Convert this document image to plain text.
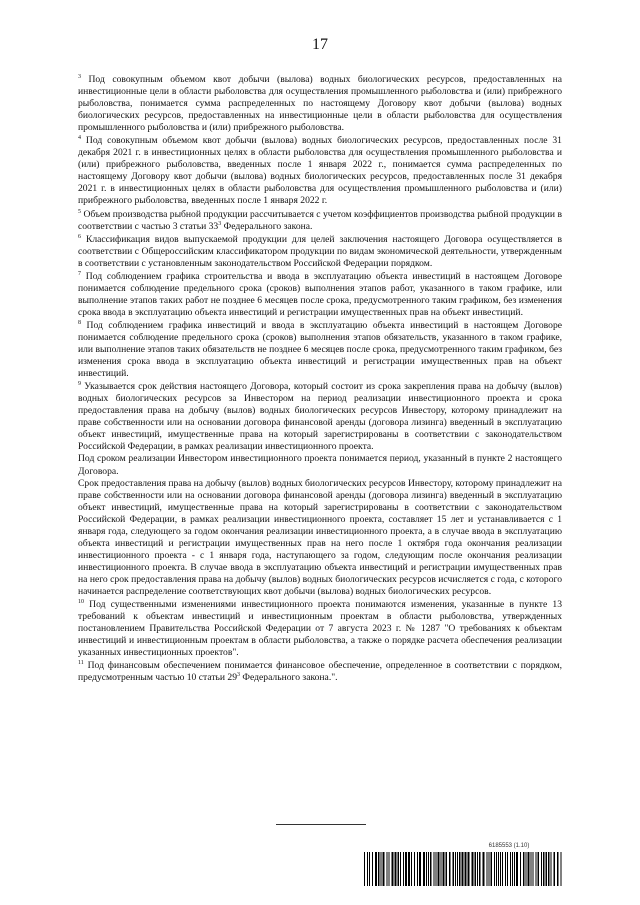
17

$^3$ Под совокупным объемом квот добычи (вылова) водных биологических ресурсов, предоставленных на инвестиционные цели в области рыболовства для осуществления промышленного рыболовства и (или) прибрежного рыболовства, понимается сумма распределенных по настоящему Договору квот добычи (вылова) водных биологических ресурсов, предоставленных на инвестиционные цели в области рыболовства для осуществления промышленного рыболовства и (или) прибрежного рыболовства.

$^4$ Под совокупным объемом квот добычи (вылова) водных биологических ресурсов, предоставленных после 31 декабря 2021 г. в инвестиционных целях в области рыболовства для осуществления промышленного рыболовства и (или) прибрежного рыболовства, введенных после 1 января 2022 г., понимается сумма распределенных по настоящему Договору квот добычи (вылова) водных биологических ресурсов, предоставленных после 31 декабря 2021 г. в инвестиционных целях в области рыболовства для осуществления промышленного рыболовства и (или) прибрежного рыболовства, введенных после 1 января 2022 г.

$^5$ Объем производства рыбной продукции рассчитывается с учетом коэффициентов производства рыбной продукции в соответствии с частью 3 статьи $33^3$ Федерального закона.

$^6$ Классификация видов выпускаемой продукции для целей заключения настоящего Договора осуществляется в соответствии с Общероссийским классификатором продукции по видам экономической деятельности, утвержденным в соответствии с установленным законодательством Российской Федерации порядком.

$^7$ Под соблюдением графика строительства и ввода в эксплуатацию объекта инвестиций в настоящем Договоре понимается соблюдение предельного срока (сроков) выполнения этапов работ, указанного в таком графике, или выполнение этапов таких работ не позднее 6 месяцев после срока, предусмотренного таким графиком, без изменения срока ввода в эксплуатацию объекта инвестиций и регистрации имущественных прав на объект инвестиций.

$^8$ Под соблюдением графика инвестиций и ввода в эксплуатацию объекта инвестиций в настоящем Договоре понимается соблюдение предельного срока (сроков) выполнения этапов обязательств, указанного в таком графике, или выполнение этапов таких обязательств не позднее 6 месяцев после срока, предусмотренного таким графиком, без изменения срока ввода в эксплуатацию объекта инвестиций и регистрации имущественных прав на объект инвестиций.

$^9$ Указывается срок действия настоящего Договора, который состоит из срока закрепления права на добычу (вылов) водных биологических ресурсов за Инвестором на период реализации инвестиционного проекта и срока предоставления права на добычу (вылов) водных биологических ресурсов Инвестору, которому принадлежит на праве собственности или на основании договора финансовой аренды (договора лизинга) введенный в эксплуатацию объект инвестиций, имущественные права на который зарегистрированы в соответствии с законодательством Российской Федерации, в рамках реализации инвестиционного проекта.

Под сроком реализации Инвестором инвестиционного проекта понимается период, указанный в пункте 2 настоящего Договора.

Срок предоставления права на добычу (вылов) водных биологических ресурсов Инвестору, которому принадлежит на праве собственности или на основании договора финансовой аренды (договора лизинга) введенный в эксплуатацию объект инвестиций, имущественные права на который зарегистрированы в соответствии с законодательством Российской Федерации, в рамках реализации инвестиционного проекта, составляет 15 лет и устанавливается с 1 января года, следующего за годом окончания реализации инвестиционного проекта, а в случае ввода в эксплуатацию объекта инвестиций и регистрации имущественных прав на него после 1 октября года окончания реализации инвестиционного проекта - с 1 января года, наступающего за годом, следующим после окончания реализации инвестиционного проекта. В случае ввода в эксплуатацию объекта инвестиций и регистрации имущественных прав на него срок предоставления права на добычу (вылов) водных биологических ресурсов исчисляется с года, с которого начинается распределение соответствующих квот добычи (вылова) водных биологических ресурсов.

$^{10}$ Под существенными изменениями инвестиционного проекта понимаются изменения, указанные в пункте 13 требований к объектам инвестиций и инвестиционным проектам в области рыболовства, утвержденных постановлением Правительства Российской Федерации от 7 августа 2023 г. № 1287 "О требованиях к объектам инвестиций и инвестиционным проектам в области рыболовства, а также о порядке расчета обеспечения реализации указанных инвестиционных проектов".

$^{11}$ Под финансовым обеспечением понимается финансовое обеспечение, определенное в соответствии с порядком, предусмотренным частью 10 статьи $29^3$ Федерального закона.".

6185553 (1.10)
